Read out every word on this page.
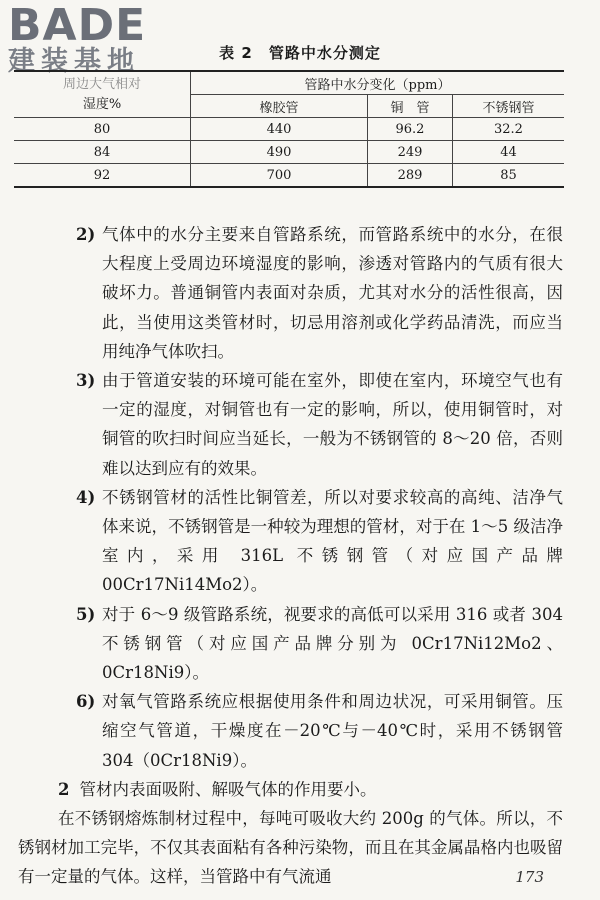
BADE
建装基地	表 2　管路中水分测定
周边大气相对
湿度%	管路中水分变化（ppm）		
	橡胶管	铜　管	不锈钢管
80	440	96.2	32.2
84	490	249	44
92	700	289	85
2) 气体中的水分主要来自管路系统，而管路系统中的水分，在很大程度上受周边环境湿度的影响，渗透对管路内的气质有很大破坏力。普通铜管内表面对杂质，尤其对水分的活性很高，因此，当使用这类管材时，切忌用溶剂或化学药品清洗，而应当用纯净气体吹扫。
3) 由于管道安装的环境可能在室外，即使在室内，环境空气也有一定的湿度，对铜管也有一定的影响，所以，使用铜管时，对铜管的吹扫时间应当延长，一般为不锈钢管的 8～20 倍，否则难以达到应有的效果。
4) 不锈钢管材的活性比铜管差，所以对要求较高的高纯、洁净气体来说，不锈钢管是一种较为理想的管材，对于在 1～5 级洁净室内，采用 316L 不锈钢管（对应国产品牌 00Cr17Ni14Mo2）。
5) 对于 6～9 级管路系统，视要求的高低可以采用 316 或者 304 不锈钢管（对应国产品牌分别为 0Cr17Ni12Mo2、0Cr18Ni9）。
6) 对氧气管路系统应根据使用条件和周边状况，可采用铜管。压缩空气管道，干燥度在－20℃与－40℃时，采用不锈钢管 304（0Cr18Ni9）。
2 管材内表面吸附、解吸气体的作用要小。
在不锈钢熔炼制材过程中，每吨可吸收大约 200g 的气体。所以，不锈钢材加工完毕，不仅其表面粘有各种污染物，而且在其金属晶格内也吸留有一定量的气体。这样，当管路中有气流通	173
